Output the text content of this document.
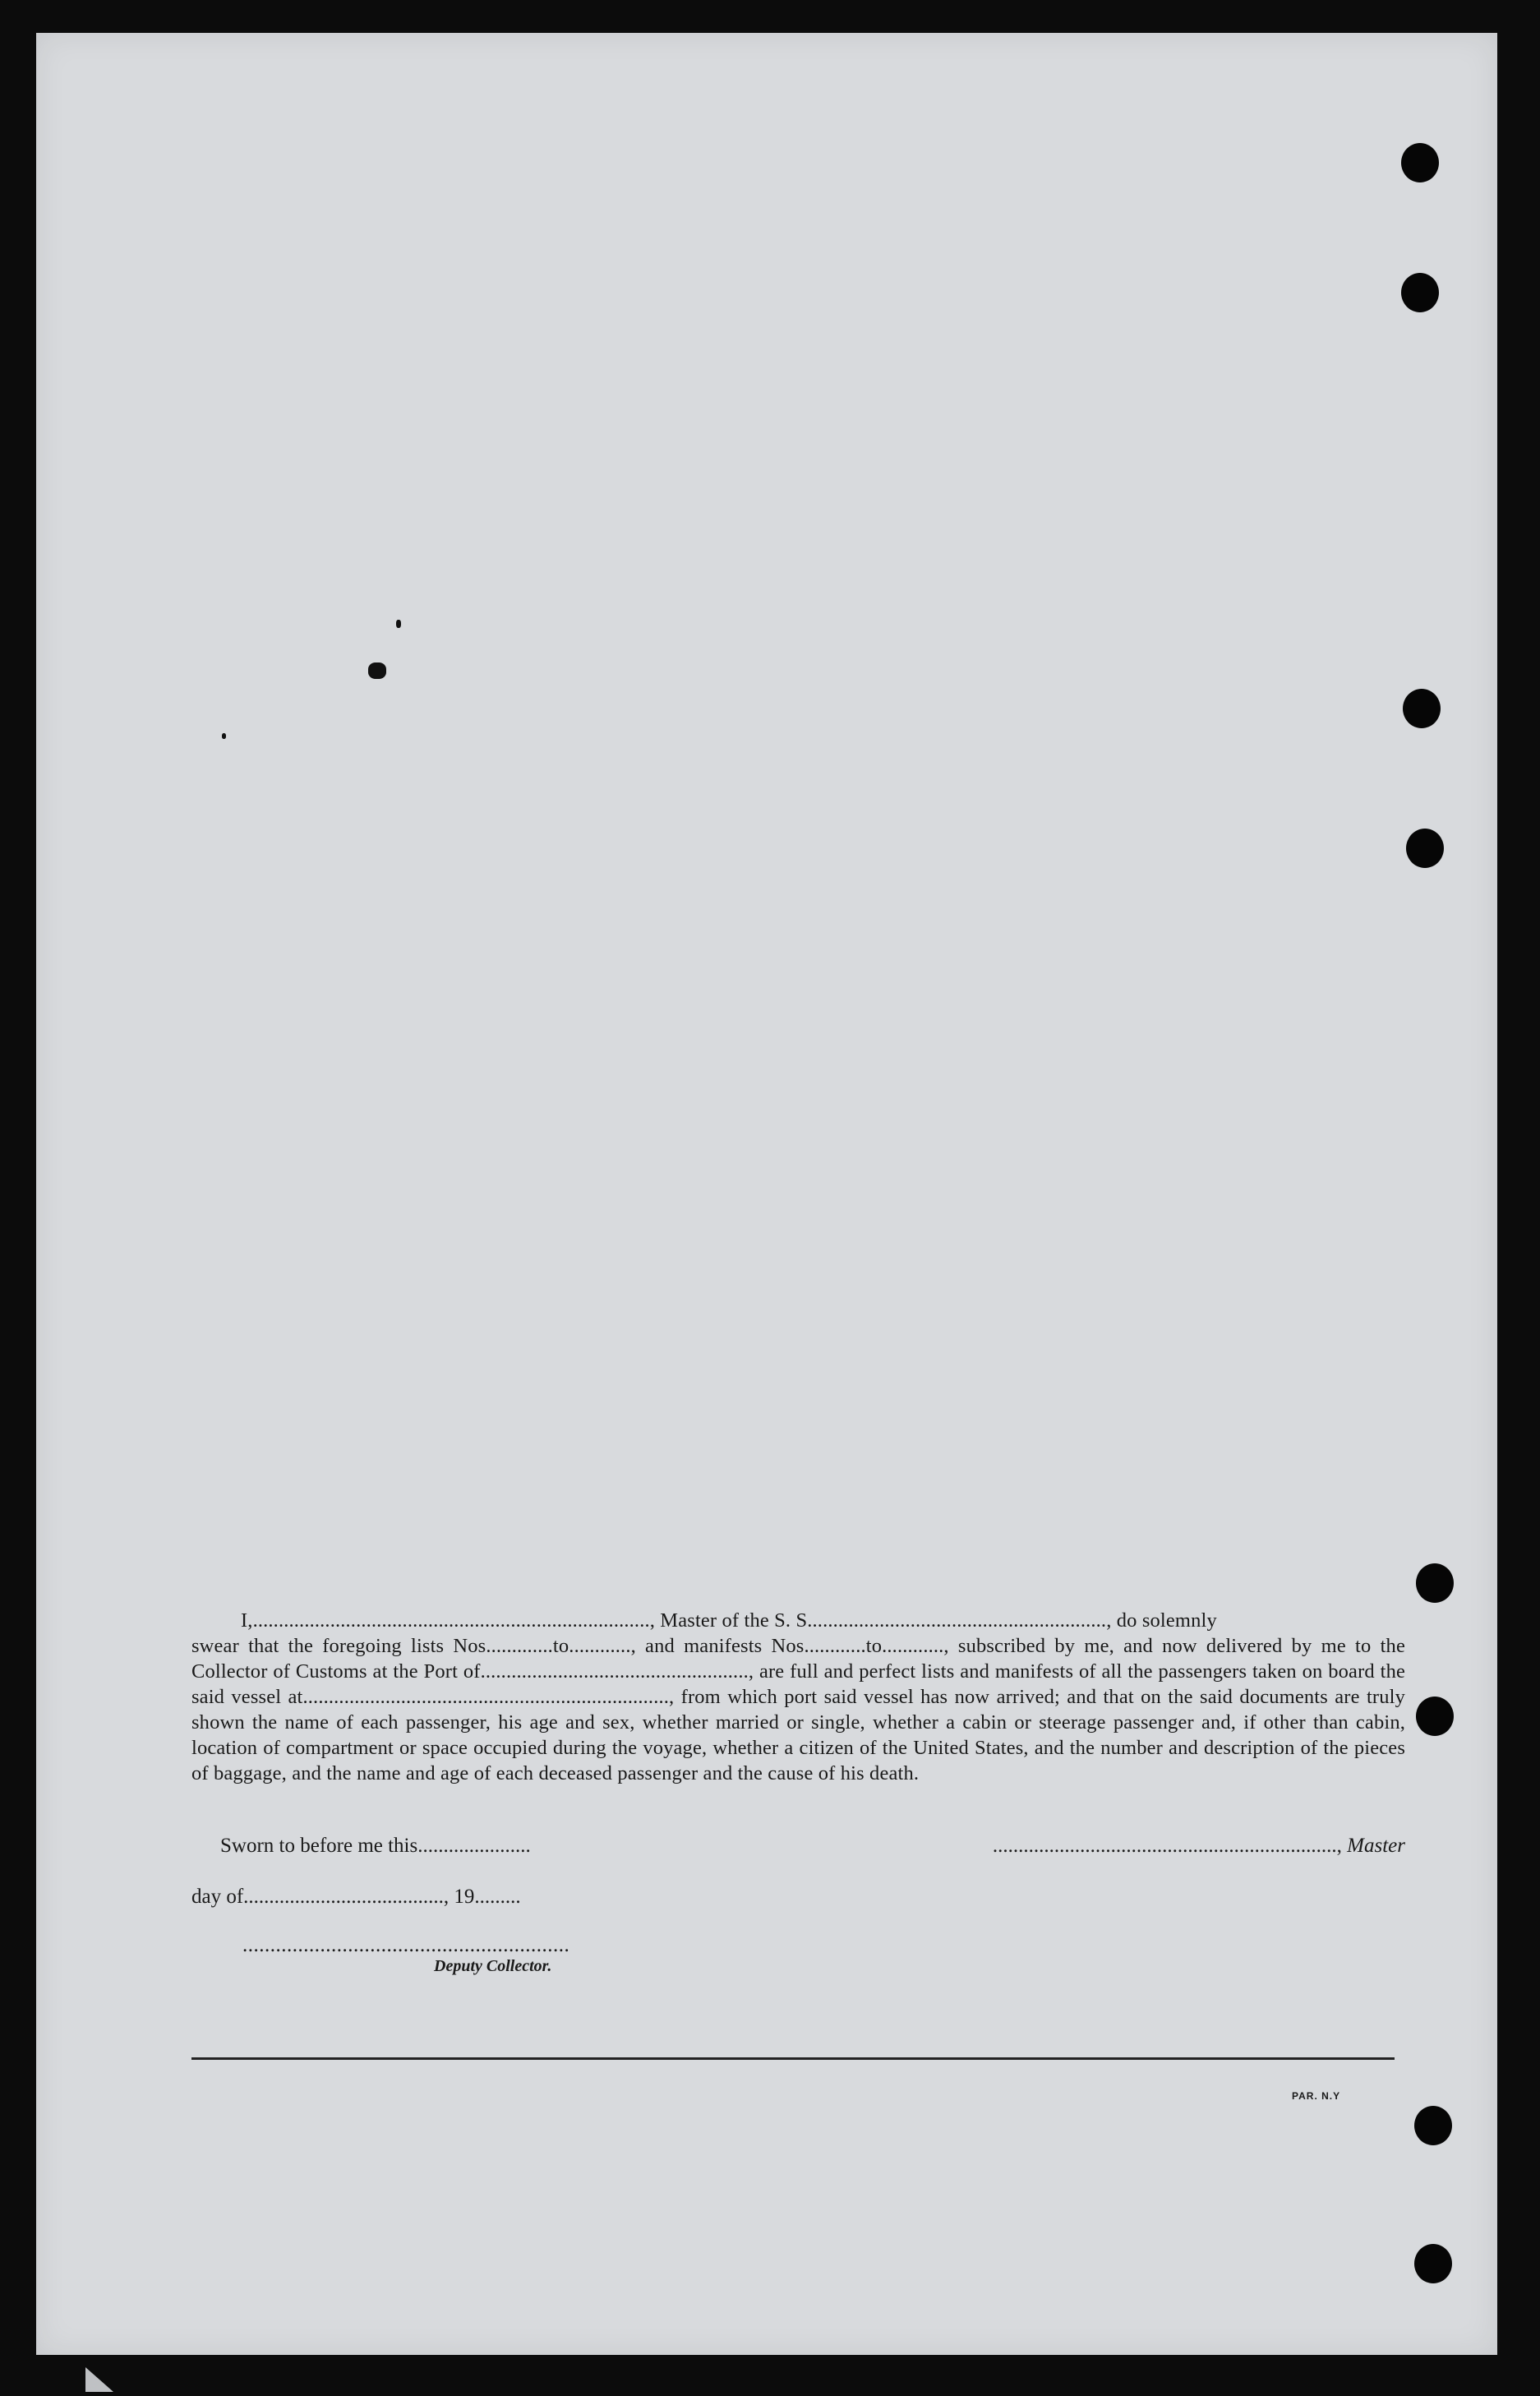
I,............................................................................., Master of the S. S.........................................................., do solemnly

swear that the foregoing lists Nos.............to............, and manifests Nos............to............, subscribed by me, and now delivered by me to the Collector of Customs at the Port of...................................................., are full and perfect lists and manifests of all the passengers taken on board the said vessel at......................................................................., from which port said vessel has now arrived; and that on the said documents are truly shown the name of each passenger, his age and sex, whether married or single, whether a cabin or steerage passenger and, if other than cabin, location of compartment or space occupied during the voyage, whether a citizen of the United States, and the number and description of the pieces of baggage, and the name and age of each deceased passenger and the cause of his death.

Sworn to before me this......................	..................................................................., Master
day of......................................., 19.........
...........................................................
Deputy Collector.
PAR. N.Y
